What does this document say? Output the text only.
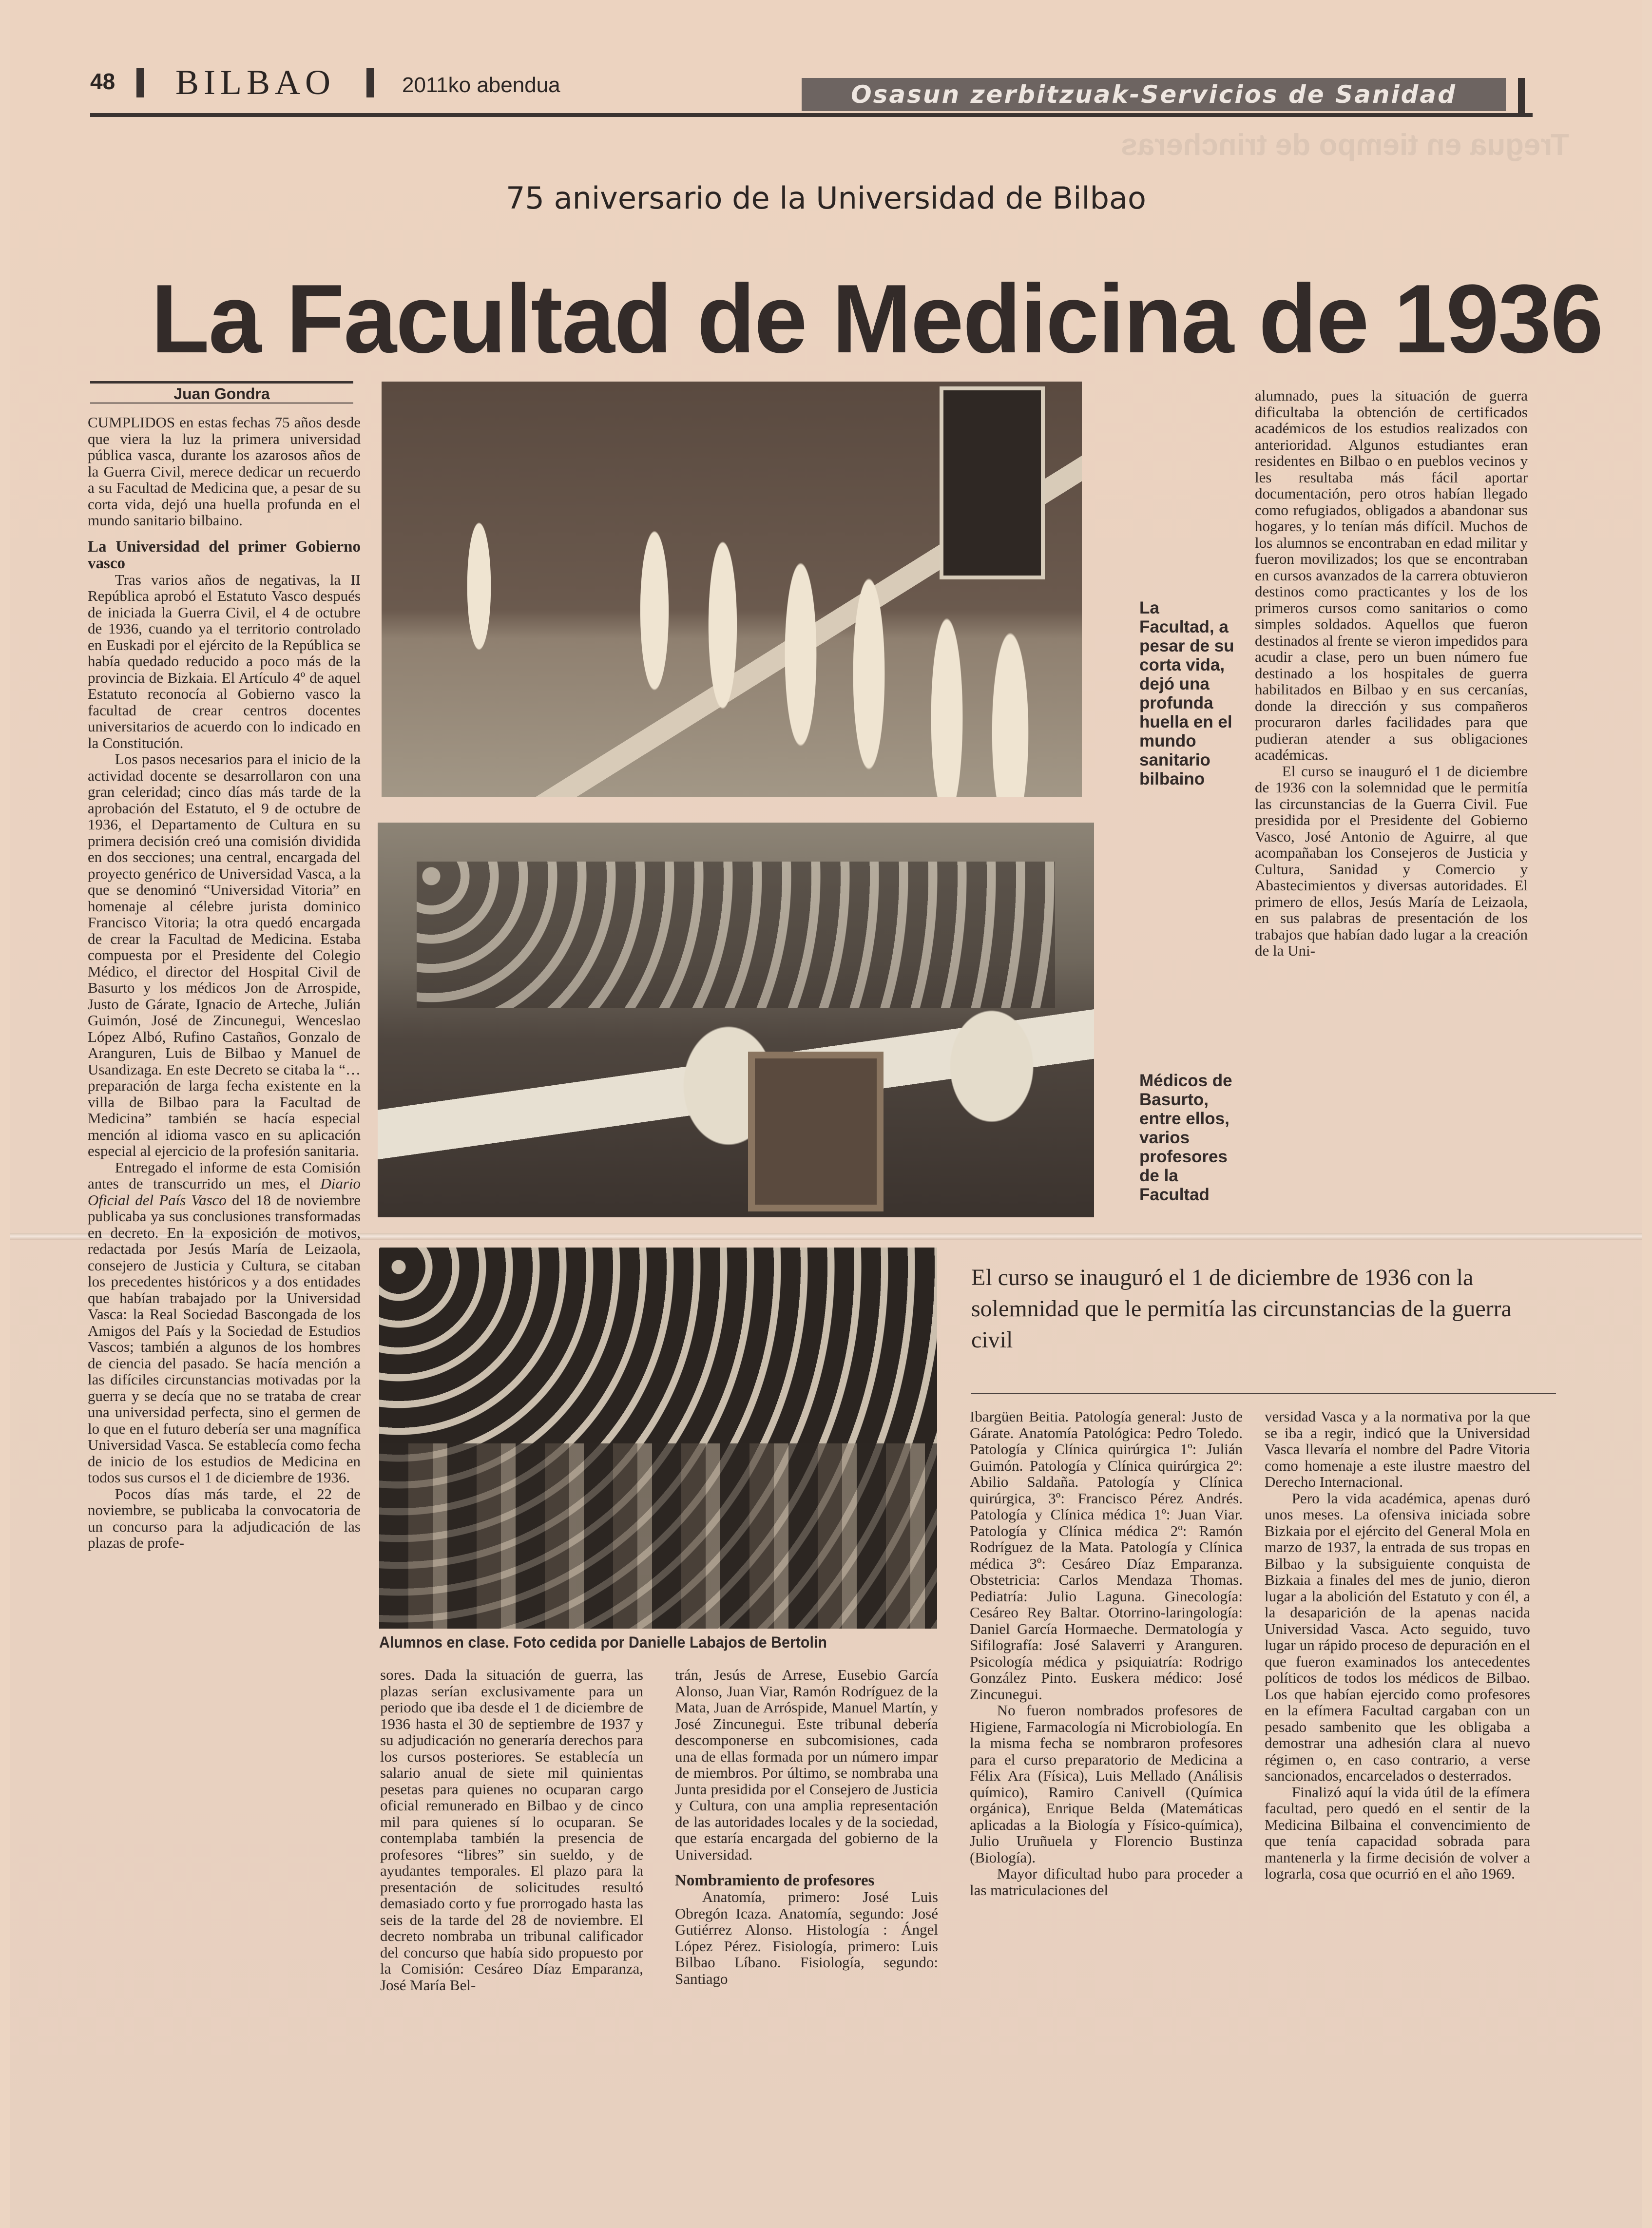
Tregua en tiempo de trincheras
48 BILBAO	2011ko abendua	Osasun zerbitzuak-Servicios de Sanidad
75 aniversario de la Universidad de Bilbao
La Facultad de Medicina de 1936
Juan Gondra

CUMPLIDOS en estas fechas 75 años desde que viera la luz la primera universidad pública vasca, durante los azarosos años de la Guerra Civil, merece dedicar un recuerdo a su Facultad de Medicina que, a pesar de su corta vida, dejó una huella profunda en el mundo sanitario bilbaino.

La Universidad del primer Gobierno vasco

Tras varios años de negativas, la II República aprobó el Estatuto Vasco después de iniciada la Guerra Civil, el 4 de octubre de 1936, cuando ya el territorio controlado en Euskadi por el ejército de la República se había quedado reducido a poco más de la provincia de Bizkaia. El Artículo 4º de aquel Estatuto reconocía al Gobierno vasco la facultad de crear centros docentes universitarios de acuerdo con lo indicado en la Constitución.

Los pasos necesarios para el inicio de la actividad docente se desarrollaron con una gran celeridad; cinco días más tarde de la aprobación del Estatuto, el 9 de octubre de 1936, el Departamento de Cultura en su primera decisión creó una comisión dividida en dos secciones; una central, encargada del proyecto genérico de Universidad Vasca, a la que se denominó “Universidad Vitoria” en homenaje al célebre jurista dominico Francisco Vitoria; la otra quedó encargada de crear la Facultad de Medicina. Estaba compuesta por el Presidente del Colegio Médico, el director del Hospital Civil de Basurto y los médicos Jon de Arrospide, Justo de Gárate, Ignacio de Arteche, Julián Guimón, José de Zincunegui, Wenceslao López Albó, Rufino Castaños, Gonzalo de Aranguren, Luis de Bilbao y Manuel de Usandizaga. En este Decreto se citaba la “… preparación de larga fecha existente en la villa de Bilbao para la Facultad de Medicina” también se hacía especial mención al idioma vasco en su aplicación especial al ejercicio de la profesión sanitaria.

Entregado el informe de esta Comisión antes de transcurrido un mes, el Diario Oficial del País Vasco del 18 de noviembre publicaba ya sus conclusiones transformadas en decreto. En la exposición de motivos, redactada por Jesús María de Leizaola, consejero de Justicia y Cultura, se citaban los precedentes históricos y a dos entidades que habían trabajado por la Universidad Vasca: la Real Sociedad Bascongada de los Amigos del País y la Sociedad de Estudios Vascos; también a algunos de los hombres de ciencia del pasado. Se hacía mención a las difíciles circunstancias motivadas por la guerra y se decía que no se trataba de crear una universidad perfecta, sino el germen de lo que en el futuro debería ser una magnífica Universidad Vasca. Se establecía como fecha de inicio de los estudios de Medicina en todos sus cursos el 1 de diciembre de 1936.

Pocos días más tarde, el 22 de noviembre, se publicaba la convocatoria de un concurso para la adjudicación de las plazas de profe-

La Facultad, a pesar de su corta vida, dejó una profunda huella en el mundo sanitario bilbaino
Médicos de Basurto, entre ellos, varios profesores de la Facultad
Alumnos en clase. Foto cedida por Danielle Labajos de Bertolin
El curso se inauguró el 1 de diciembre de 1936 con la solemnidad que le permitía las circunstancias de la guerra civil

alumnado, pues la situación de guerra dificultaba la obtención de certificados académicos de los estudios realizados con anterioridad. Algunos estudiantes eran residentes en Bilbao o en pueblos vecinos y les resultaba más fácil aportar documentación, pero otros habían llegado como refugiados, obligados a abandonar sus hogares, y lo tenían más difícil. Muchos de los alumnos se encontraban en edad militar y fueron movilizados; los que se encontraban en cursos avanzados de la carrera obtuvieron destinos como practicantes y los de los primeros cursos como sanitarios o como simples soldados. Aquellos que fueron destinados al frente se vieron impedidos para acudir a clase, pero un buen número fue destinado a los hospitales de guerra habilitados en Bilbao y en sus cercanías, donde la dirección y sus compañeros procuraron darles facilidades para que pudieran atender a sus obligaciones académicas.

El curso se inauguró el 1 de diciembre de 1936 con la solemnidad que le permitía las circunstancias de la Guerra Civil. Fue presidida por el Presidente del Gobierno Vasco, José Antonio de Aguirre, al que acompañaban los Consejeros de Justicia y Cultura, Sanidad y Comercio y Abastecimientos y diversas autoridades. El primero de ellos, Jesús María de Leizaola, en sus palabras de presentación de los trabajos que habían dado lugar a la creación de la Uni-

sores. Dada la situación de guerra, las plazas serían exclusivamente para un periodo que iba desde el 1 de diciembre de 1936 hasta el 30 de septiembre de 1937 y su adjudicación no generaría derechos para los cursos posteriores. Se establecía un salario anual de siete mil quinientas pesetas para quienes no ocuparan cargo oficial remunerado en Bilbao y de cinco mil para quienes sí lo ocuparan. Se contemplaba también la presencia de profesores “libres” sin sueldo, y de ayudantes temporales. El plazo para la presentación de solicitudes resultó demasiado corto y fue prorrogado hasta las seis de la tarde del 28 de noviembre. El decreto nombraba un tribunal calificador del concurso que había sido propuesto por la Comisión: Cesáreo Díaz Emparanza, José María Bel-

trán, Jesús de Arrese, Eusebio García Alonso, Juan Viar, Ramón Rodríguez de la Mata, Juan de Arróspide, Manuel Martín, y José Zincunegui. Este tribunal debería descomponerse en subcomisiones, cada una de ellas formada por un número impar de miembros. Por último, se nombraba una Junta presidida por el Consejero de Justicia y Cultura, con una amplia representación de las autoridades locales y de la sociedad, que estaría encargada del gobierno de la Universidad.

Nombramiento de profesores

Anatomía, primero: José Luis Obregón Icaza. Anatomía, segundo: José Gutiérrez Alonso. Histología : Ángel López Pérez. Fisiología, primero: Luis Bilbao Líbano. Fisiología, segundo: Santiago

Ibargüen Beitia. Patología general: Justo de Gárate. Anatomía Patológica: Pedro Toledo. Patología y Clínica quirúrgica 1º: Julián Guimón. Patología y Clínica quirúrgica 2º: Abilio Saldaña. Patología y Clínica quirúrgica, 3º: Francisco Pérez Andrés. Patología y Clínica médica 1º: Juan Viar. Patología y Clínica médica 2º: Ramón Rodríguez de la Mata. Patología y Clínica médica 3º: Cesáreo Díaz Emparanza. Obstetricia: Carlos Mendaza Thomas. Pediatría: Julio Laguna. Ginecología: Cesáreo Rey Baltar. Otorrino-laringología: Daniel García Hormaeche. Dermatología y Sifilografía: José Salaverri y Aranguren. Psicología médica y psiquiatría: Rodrigo González Pinto. Euskera médico: José Zincunegui.

No fueron nombrados profesores de Higiene, Farmacología ni Microbiología. En la misma fecha se nombraron profesores para el curso preparatorio de Medicina a Félix Ara (Física), Luis Mellado (Análisis químico), Ramiro Canivell (Química orgánica), Enrique Belda (Matemáticas aplicadas a la Biología y Físico-química), Julio Uruñuela y Florencio Bustinza (Biología).

Mayor dificultad hubo para proceder a las matriculaciones del

versidad Vasca y a la normativa por la que se iba a regir, indicó que la Universidad Vasca llevaría el nombre del Padre Vitoria como homenaje a este ilustre maestro del Derecho Internacional.

Pero la vida académica, apenas duró unos meses. La ofensiva iniciada sobre Bizkaia por el ejército del General Mola en marzo de 1937, la entrada de sus tropas en Bilbao y la subsiguiente conquista de Bizkaia a finales del mes de junio, dieron lugar a la abolición del Estatuto y con él, a la desaparición de la apenas nacida Universidad Vasca. Acto seguido, tuvo lugar un rápido proceso de depuración en el que fueron examinados los antecedentes políticos de todos los médicos de Bilbao. Los que habían ejercido como profesores en la efímera Facultad cargaban con un pesado sambenito que les obligaba a demostrar una adhesión clara al nuevo régimen o, en caso contrario, a verse sancionados, encarcelados o desterrados.

Finalizó aquí la vida útil de la efímera facultad, pero quedó en el sentir de la Medicina Bilbaina el convencimiento de que tenía capacidad sobrada para mantenerla y la firme decisión de volver a lograrla, cosa que ocurrió en el año 1969.
